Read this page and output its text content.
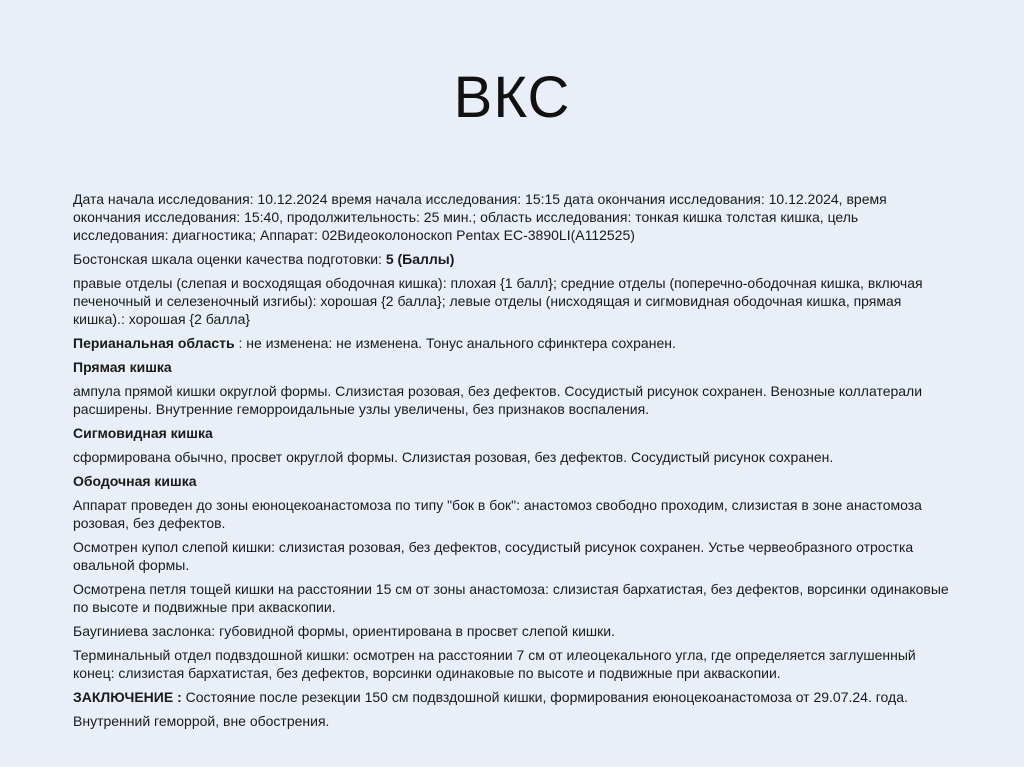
ВКС

Дата начала исследования: 10.12.2024 время начала исследования: 15:15 дата окончания исследования: 10.12.2024, время окончания исследования: 15:40, продолжительность: 25 мин.; область исследования: тонкая кишка толстая кишка, цель исследования: диагностика; Аппарат: 02Видеоколоноскоп Pentax EC-3890LI(A112525)

Бостонская шкала оценки качества подготовки: 5 (Баллы)

правые отделы (слепая и восходящая ободочная кишка): плохая {1 балл}; средние отделы (поперечно-ободочная кишка, включая печеночный и селезеночный изгибы): хорошая {2 балла}; левые отделы (нисходящая и сигмовидная ободочная кишка, прямая кишка).: хорошая {2 балла}

Перианальная область : не изменена: не изменена. Тонус анального сфинктера сохранен.

Прямая кишка

ампула прямой кишки округлой формы. Слизистая розовая, без дефектов. Сосудистый рисунок сохранен. Венозные коллатерали расширены. Внутренние геморроидальные узлы увеличены, без признаков воспаления.

Сигмовидная кишка

сформирована обычно, просвет округлой формы. Слизистая розовая, без дефектов. Сосудистый рисунок сохранен.

Ободочная кишка

Аппарат проведен до зоны еюноцекоанастомоза по типу "бок в бок": анастомоз свободно проходим, слизистая в зоне анастомоза розовая, без дефектов.

Осмотрен купол слепой кишки: слизистая розовая, без дефектов, сосудистый рисунок сохранен. Устье червеобразного отростка овальной формы.

Осмотрена петля тощей кишки на расстоянии 15 см от зоны анастомоза: слизистая бархатистая, без дефектов, ворсинки одинаковые по высоте и подвижные при акваскопии.

Баугиниева заслонка: губовидной формы, ориентирована в просвет слепой кишки.

Терминальный отдел подвздошной кишки: осмотрен на расстоянии 7 см от илеоцекального угла, где определяется заглушенный конец: слизистая бархатистая, без дефектов, ворсинки одинаковые по высоте и подвижные при акваскопии.

ЗАКЛЮЧЕНИЕ : Состояние после резекции 150 см подвздошной кишки, формирования еюноцекоанастомоза от 29.07.24. года.

Внутренний геморрой, вне обострения.
